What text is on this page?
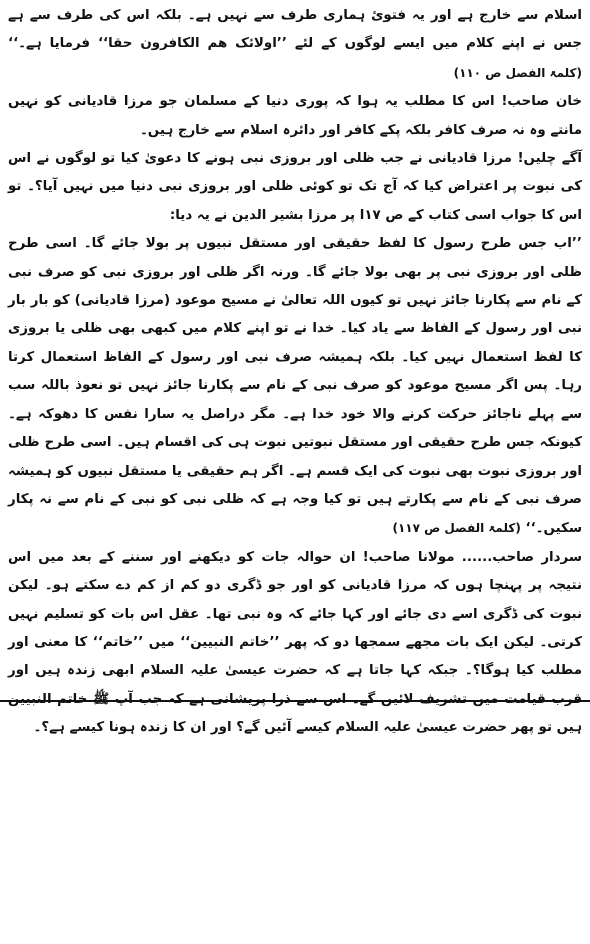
اسلام سے خارج ہے اور یہ فتوئ ہماری طرف سے نہیں ہے۔ بلکہ اس کی طرف سے ہے جس نے اپنے کلام میں ایسے لوگوں کے لئے ’’اولائک ھم الکافرون حقا‘‘ فرمایا ہے۔‘‘ (کلمۃ الفصل ص ۱۱۰)

خان صاحب! اس کا مطلب یہ ہوا کہ پوری دنیا کے مسلمان جو مرزا قادیانی کو نہیں مانتے وہ نہ صرف کافر بلکہ پکے کافر اور دائرہ اسلام سے خارج ہیں۔

آگے چلیں! مرزا قادیانی نے جب ظلی اور بروزی نبی ہونے کا دعویٰ کیا تو لوگوں نے اس کی نبوت پر اعتراض کیا کہ آج تک تو کوئی ظلی اور بروزی نبی دنیا میں نہیں آیا؟۔ تو اس کا جواب اسی کتاب کے ص ۱۷ا پر مرزا بشیر الدین نے یہ دیا:

’’اب جس طرح رسول کا لفظ حقیقی اور مستقل نبیوں پر بولا جائے گا۔ اسی طرح ظلی اور بروزی نبی پر بھی بولا جائے گا۔ ورنہ اگر ظلی اور بروزی نبی کو صرف نبی کے نام سے پکارنا جائز نہیں تو کیوں اللہ تعالیٰ نے مسیح موعود (مرزا قادیانی) کو بار بار نبی اور رسول کے الفاظ سے یاد کیا۔ خدا نے تو اپنے کلام میں کبھی بھی ظلی یا بروزی کا لفظ استعمال نہیں کیا۔ بلکہ ہمیشہ صرف نبی اور رسول کے الفاظ استعمال کرتا رہا۔ پس اگر مسیح موعود کو صرف نبی کے نام سے پکارنا جائز نہیں تو نعوذ باللہ سب سے پہلے ناجائز حرکت کرنے والا خود خدا ہے۔ مگر دراصل یہ سارا نفس کا دھوکہ ہے۔ کیونکہ جس طرح حقیقی اور مستقل نبوتیں نبوت ہی کی اقسام ہیں۔ اسی طرح ظلی اور بروزی نبوت بھی نبوت کی ایک قسم ہے۔ اگر ہم حقیقی یا مستقل نبیوں کو ہمیشہ صرف نبی کے نام سے پکارتے ہیں تو کیا وجہ ہے کہ ظلی نبی کو نبی کے نام سے نہ پکار سکیں۔‘‘ (کلمۃ الفصل ص ۱۱۷)

سردار صاحب...... مولانا صاحب! ان حوالہ جات کو دیکھنے اور سننے کے بعد میں اس نتیجہ پر پہنچا ہوں کہ مرزا قادیانی کو اور جو ڈگری دو کم از کم دے سکتے ہو۔ لیکن نبوت کی ڈگری اسے دی جائے اور کہا جائے کہ وہ نبی تھا۔ عقل اس بات کو تسلیم نہیں کرتی۔ لیکن ایک بات مجھے سمجھا دو کہ پھر ’’خاتم النبیین‘‘ میں ’’خاتم‘‘ کا معنی اور مطلب کیا ہوگا؟۔ جبکہ کہا جاتا ہے کہ حضرت عیسیٰ علیہ السلام ابھی زندہ ہیں اور قرب قیامت میں تشریف لائیں گے۔ اس سے ذرا پریشانی ہے کہ جب آپ ﷺ خاتم النبیین ہیں تو پھر حضرت عیسیٰ علیہ السلام کیسے آئیں گے؟ اور ان کا زندہ ہونا کیسے ہے؟۔
